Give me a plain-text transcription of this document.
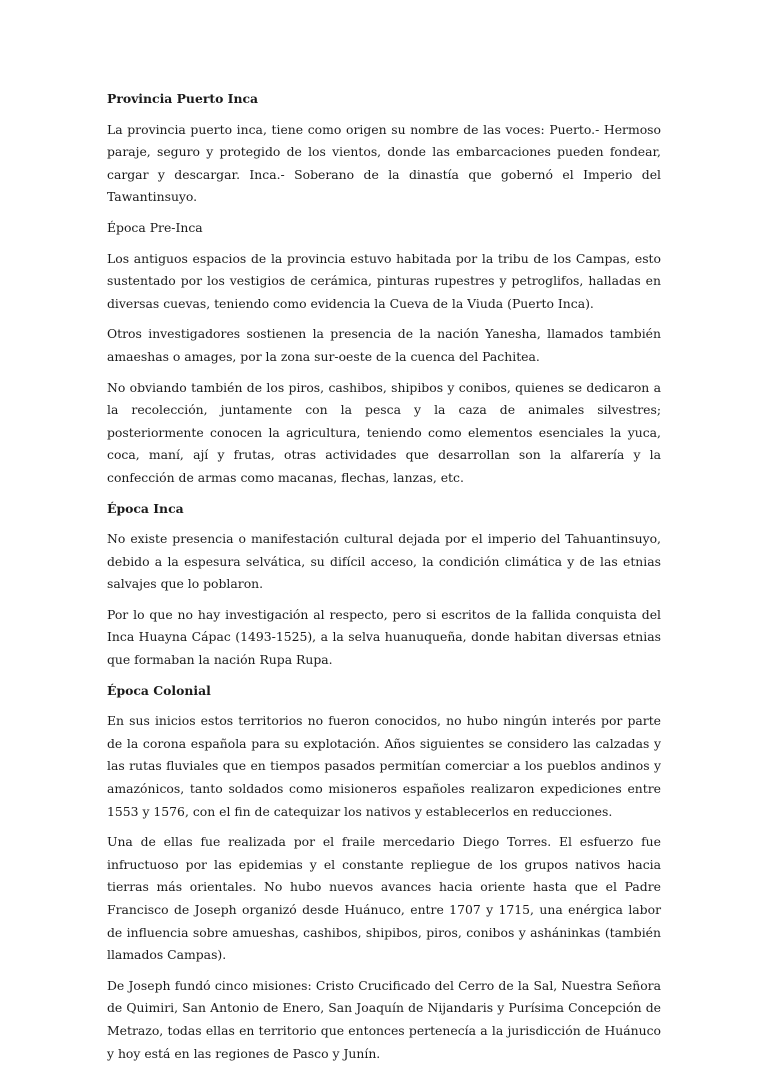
Provincia Puerto Inca

La provincia puerto inca, tiene como origen su nombre de las voces: Puerto.- Hermoso paraje, seguro y protegido de los vientos, donde las embarcaciones pueden fondear, cargar y descargar. Inca.- Soberano de la dinastía que gobernó el Imperio del Tawantinsuyo.

Época Pre-Inca

Los antiguos espacios de la provincia estuvo habitada por la tribu de los Campas, esto sustentado por los vestigios de cerámica, pinturas rupestres y petroglifos, halladas en diversas cuevas, teniendo como evidencia la Cueva de la Viuda (Puerto Inca).

Otros investigadores sostienen la presencia de la nación Yanesha, llamados también amaeshas o amages, por la zona sur-oeste de la cuenca del Pachitea.

No obviando también de los piros, cashibos, shipibos y conibos, quienes se dedicaron a la recolección, juntamente con la pesca y la caza de animales silvestres; posteriormente conocen la agricultura, teniendo como elementos esenciales la yuca, coca, maní, ají y frutas, otras actividades que desarrollan son la alfarería y la confección de armas como macanas, flechas, lanzas, etc.

Época Inca

No existe presencia o manifestación cultural dejada por el imperio del Tahuantinsuyo, debido a la espesura selvática, su difícil acceso, la condición climática y de las etnias salvajes que lo poblaron.

Por lo que no hay investigación al respecto, pero si escritos de la fallida conquista del Inca Huayna Cápac (1493-1525), a la selva huanuqueña, donde habitan diversas etnias que formaban la nación Rupa Rupa.

Época Colonial

En sus inicios estos territorios no fueron conocidos, no hubo ningún interés por parte de la corona española para su explotación. Años siguientes se considero las calzadas y las rutas fluviales que en tiempos pasados permitían comerciar a los pueblos andinos y amazónicos, tanto soldados como misioneros españoles realizaron expediciones entre 1553 y 1576, con el fin de catequizar los nativos y establecerlos en reducciones.

Una de ellas fue realizada por el fraile mercedario Diego Torres. El esfuerzo fue infructuoso por las epidemias y el constante repliegue de los grupos nativos hacia tierras más orientales. No hubo nuevos avances hacia oriente hasta que el Padre Francisco de Joseph organizó desde Huánuco, entre 1707 y 1715, una enérgica labor de influencia sobre amueshas, cashibos, shipibos, piros, conibos y asháninkas (también llamados Campas).

De Joseph fundó cinco misiones: Cristo Crucificado del Cerro de la Sal, Nuestra Señora de Quimiri, San Antonio de Enero, San Joaquín de Nijandaris y Purísima Concepción de Metrazo, todas ellas en territorio que entonces pertenecía a la jurisdicción de Huánuco y hoy está en las regiones de Pasco y Junín.
